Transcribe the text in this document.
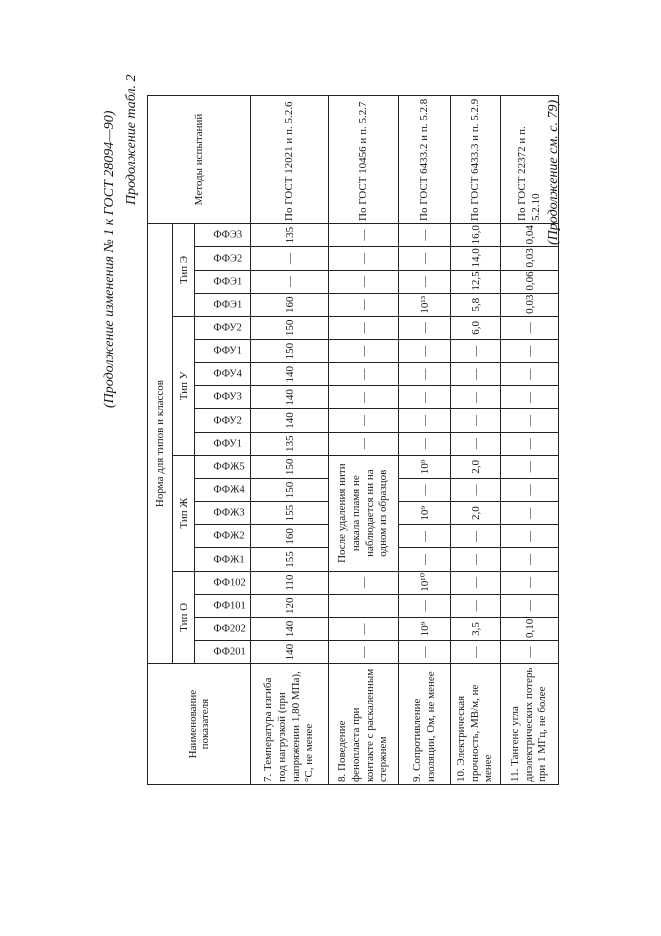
(Продолжение изменения № 1 к ГОСТ 28094—90) Продолжение табл. 2	(Продолжение см. с. 79)
Наименование показателя	Норма для типов и классов																			Методы испытаний
	Тип О				Тип Ж					Тип У						Тип Э				

	ФФ201	ФФ202	ФФ101	ФФ102	ФФЖ1	ФФЖ2	ФФЖ3	ФФЖ4	ФФЖ5	ФФУ1	ФФУ2	ФФУ3	ФФУ4	ФФУ1	ФФУ2	ФФЭ1	ФФЭ1	ФФЭ2	ФФЭ3	

7. Температура изгиба под нагрузкой (при напряжении 1,80 МПа), °С, не менее	140	140	120	110	155	160	155	150	150	135	140	140	140	150	150	160	—	—	135	По ГОСТ 12021 и п. 5.2.6
8. Поведение фенопласта при контакте с раскаленным стержнем	—	—		—	После удаления нити накала пламя не наблюдается ни на одном из образцов					—	—	—	—	—	—	—	—	—	—	По ГОСТ 10456 и п. 5.2.7
9. Сопротивление изоляции, Ом, не менее	—	10⁹	—	10¹⁰	—	—	10⁹	—	10⁹	—	—	—	—	—	—	10¹³	—	—	—	По ГОСТ 6433.2 и п. 5.2.8
10. Электрическая прочность, МВ/м, не менее	—	3,5	—	—	—	—	2,0	—	2,0	—	—	—	—	—	6,0	5,8	12,5	14,0	16,0	По ГОСТ 6433.3 и п. 5.2.9
11. Тангенс угла диэлектрических потерь при 1 МГц, не более	—	0,10	—	—	—	—	—	—	—	—	—	—	—	—	—	0,03	0,06	0,03	0,04	По ГОСТ 22372 и п. 5.2.10
